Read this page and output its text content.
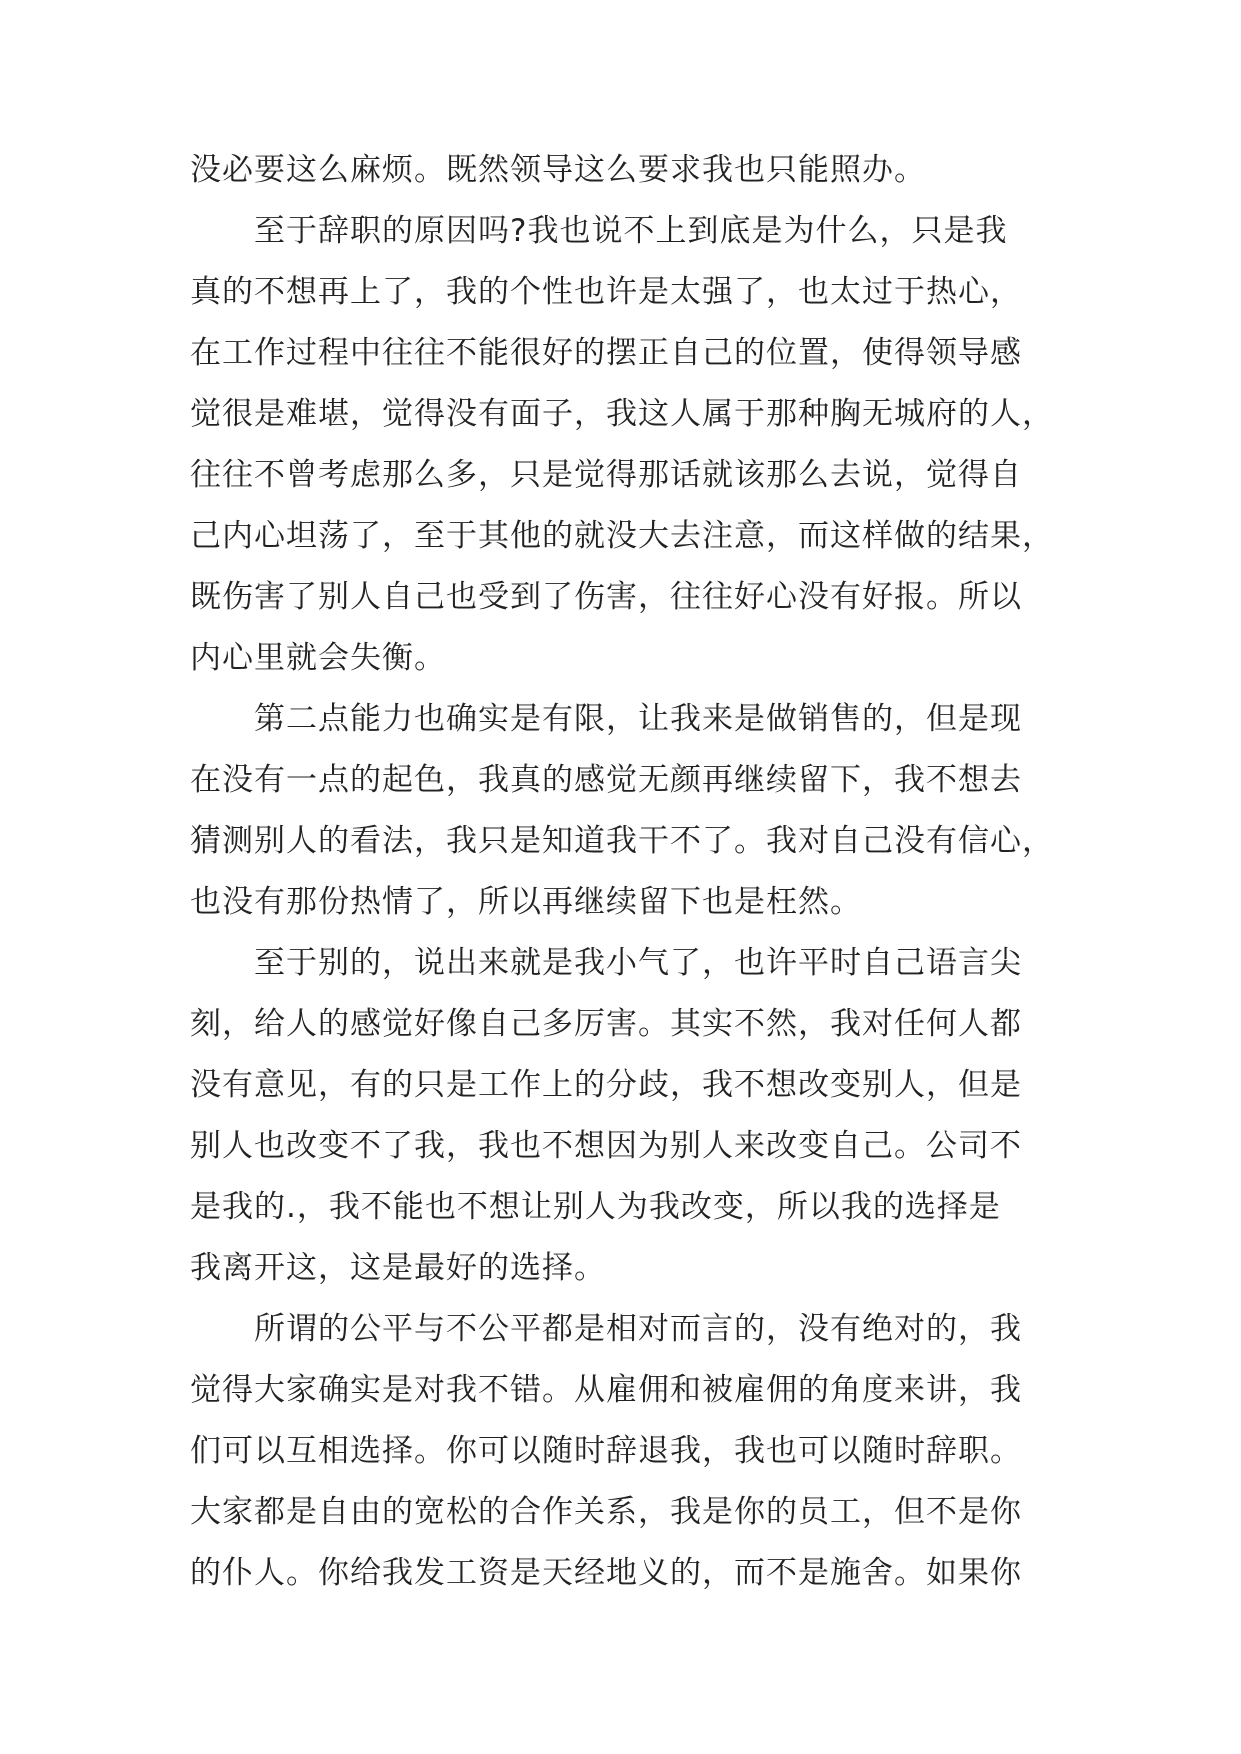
没必要这么麻烦。既然领导这么要求我也只能照办。
　　至于辞职的原因吗?我也说不上到底是为什么，只是我
真的不想再上了，我的个性也许是太强了，也太过于热心，
在工作过程中往往不能很好的摆正自己的位置，使得领导感
觉很是难堪，觉得没有面子，我这人属于那种胸无城府的人，
往往不曾考虑那么多，只是觉得那话就该那么去说，觉得自
己内心坦荡了，至于其他的就没大去注意，而这样做的结果，
既伤害了别人自己也受到了伤害，往往好心没有好报。所以
内心里就会失衡。
　　第二点能力也确实是有限，让我来是做销售的，但是现
在没有一点的起色，我真的感觉无颜再继续留下，我不想去
猜测别人的看法，我只是知道我干不了。我对自己没有信心，
也没有那份热情了，所以再继续留下也是枉然。
　　至于别的，说出来就是我小气了，也许平时自己语言尖
刻，给人的感觉好像自己多厉害。其实不然，我对任何人都
没有意见，有的只是工作上的分歧，我不想改变别人，但是
别人也改变不了我，我也不想因为别人来改变自己。公司不
是我的.，我不能也不想让别人为我改变，所以我的选择是
我离开这，这是最好的选择。
　　所谓的公平与不公平都是相对而言的，没有绝对的，我
觉得大家确实是对我不错。从雇佣和被雇佣的角度来讲，我
们可以互相选择。你可以随时辞退我，我也可以随时辞职。
大家都是自由的宽松的合作关系，我是你的员工，但不是你
的仆人。你给我发工资是天经地义的，而不是施舍。如果你
